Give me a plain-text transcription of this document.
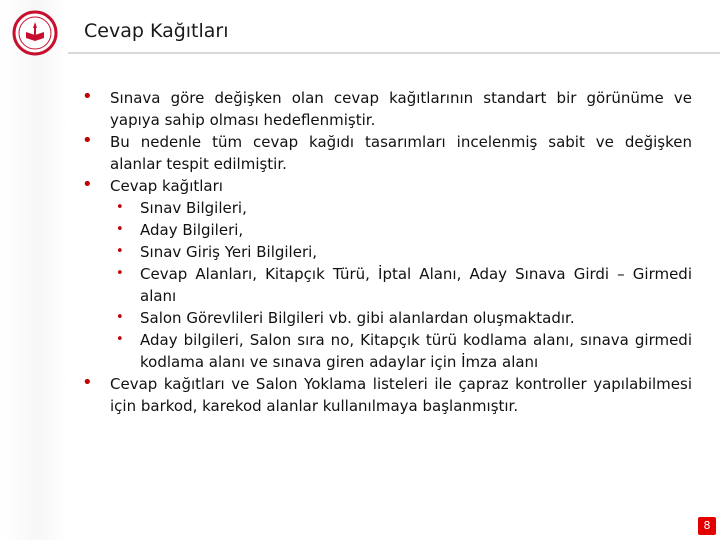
Cevap Kağıtları
• Sınava göre değişken olan cevap kağıtlarının standart bir görünüme ve yapıya sahip olması hedeflenmiştir.
• Bu nedenle tüm cevap kağıdı tasarımları incelenmiş sabit ve değişken alanlar tespit edilmiştir.
• Cevap kağıtları
• Sınav Bilgileri,
• Aday Bilgileri,
• Sınav Giriş Yeri Bilgileri,
• Cevap Alanları, Kitapçık Türü, İptal Alanı, Aday Sınava Girdi – Girmedi alanı
• Salon Görevlileri Bilgileri vb. gibi alanlardan oluşmaktadır.
• Aday bilgileri, Salon sıra no, Kitapçık türü kodlama alanı, sınava girmedi kodlama alanı ve sınava giren adaylar için İmza alanı
• Cevap kağıtları ve Salon Yoklama listeleri ile çapraz kontroller yapılabilmesi için barkod, karekod alanlar kullanılmaya başlanmıştır.
8
